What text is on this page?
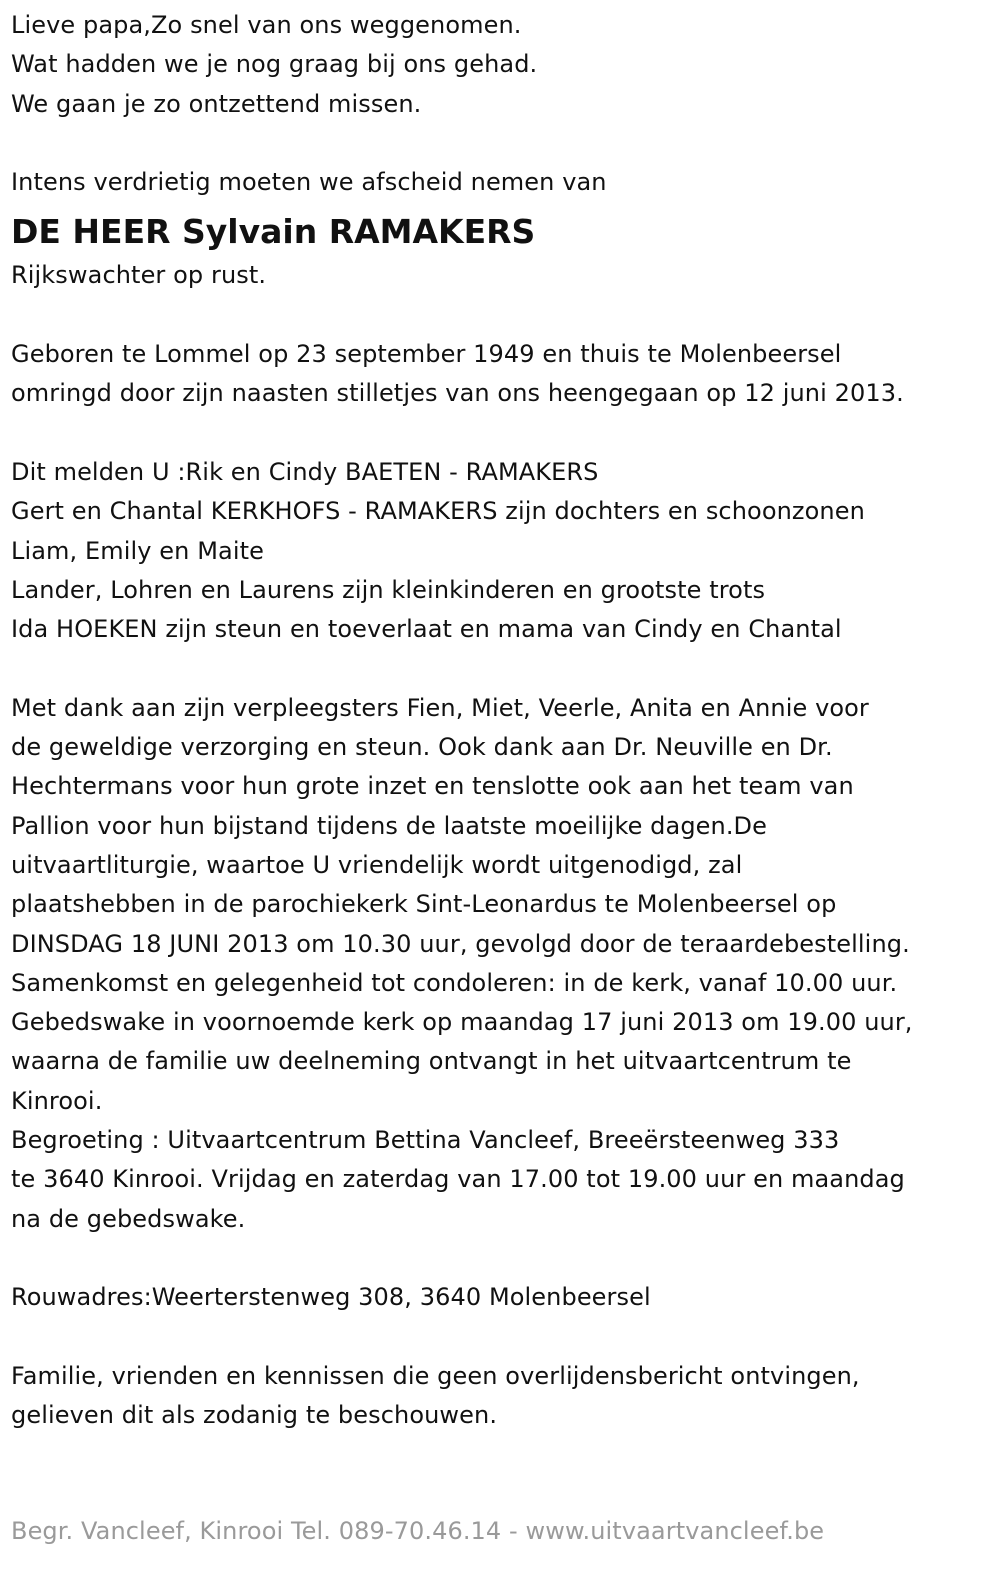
Lieve papa,Zo snel van ons weggenomen.

Wat hadden we je nog graag bij ons gehad.

We gaan je zo ontzettend missen.

Intens verdrietig moeten we afscheid nemen van

DE HEER Sylvain RAMAKERS

Rijkswachter op rust.

Geboren te Lommel op 23 september 1949 en thuis te Molenbeersel

omringd door zijn naasten stilletjes van ons heengegaan op 12 juni 2013.

Dit melden U :Rik en Cindy BAETEN - RAMAKERS

Gert en Chantal KERKHOFS - RAMAKERS zijn dochters en schoonzonen

Liam, Emily en Maite

Lander, Lohren en Laurens zijn kleinkinderen en grootste trots

Ida HOEKEN zijn steun en toeverlaat en mama van Cindy en Chantal

Met dank aan zijn verpleegsters Fien, Miet, Veerle, Anita en Annie voor

de geweldige verzorging en steun. Ook dank aan Dr. Neuville en Dr.

Hechtermans voor hun grote inzet en tenslotte ook aan het team van

Pallion voor hun bijstand tijdens de laatste moeilijke dagen.De

uitvaartliturgie, waartoe U vriendelijk wordt uitgenodigd, zal

plaatshebben in de parochiekerk Sint-Leonardus te Molenbeersel op

DINSDAG 18 JUNI 2013 om 10.30 uur, gevolgd door de teraardebestelling.

Samenkomst en gelegenheid tot condoleren: in de kerk, vanaf 10.00 uur.

Gebedswake in voornoemde kerk op maandag 17 juni 2013 om 19.00 uur,

waarna de familie uw deelneming ontvangt in het uitvaartcentrum te

Kinrooi.

Begroeting : Uitvaartcentrum Bettina Vancleef, Breeërsteenweg 333

te 3640 Kinrooi. Vrijdag en zaterdag van 17.00 tot 19.00 uur en maandag

na de gebedswake.

Rouwadres:Weerterstenweg 308, 3640 Molenbeersel

Familie, vrienden en kennissen die geen overlijdensbericht ontvingen,

gelieven dit als zodanig te beschouwen.

Begr. Vancleef, Kinrooi Tel. 089-70.46.14 - www.uitvaartvancleef.be
